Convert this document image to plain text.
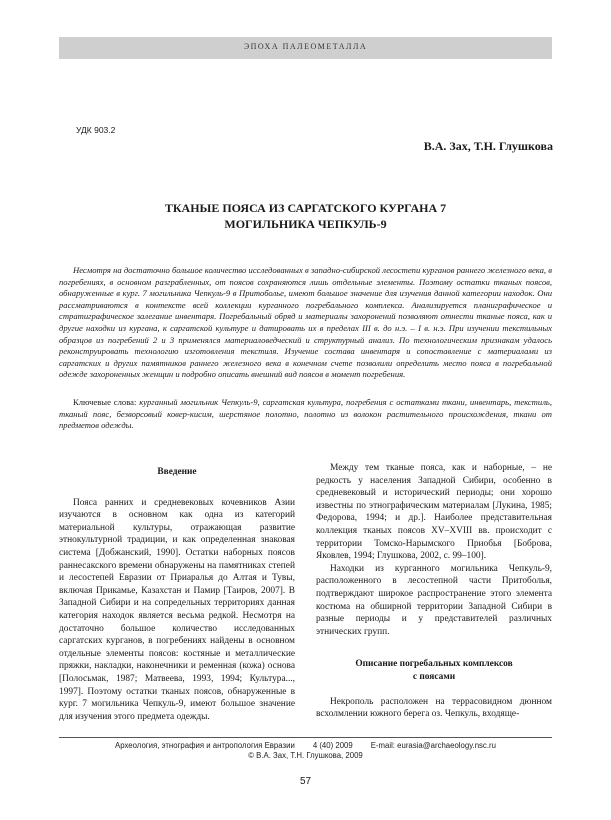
ЭПОХА ПАЛЕОМЕТАЛЛА
УДК 903.2
В.А. Зах, Т.Н. Глушкова
ТКАНЫЕ ПОЯСА ИЗ САРГАТСКОГО КУРГАНА 7
МОГИЛЬНИКА ЧЕПКУЛЬ-9
Несмотря на достаточно большое количество исследованных в западно-сибирской лесостепи курганов раннего железного века, в погребениях, в основном разграбленных, от поясов сохраняются лишь отдельные элементы. Поэтому остатки тканых поясов, обнаруженные в кург. 7 могильника Чепкуль-9 в Притоболье, имеют большое значение для изучения данной категории находок. Они рассматриваются в контексте всей коллекции курганного погребального комплекса. Анализируется планиграфическое и стратиграфическое залегание инвентаря. Погребальный обряд и материалы захоронений позволяют отнести тканые пояса, как и другие находки из кургана, к саргатской культуре и датировать их в пределах III в. до н.э. – I в. н.э. При изучении текстильных образцов из погребений 2 и 3 применялся материаловедческий и структурный анализ. По технологическим признакам удалось реконструировать технологию изготовления текстиля. Изучение состава инвентаря и сопоставление с материалами из саргатских и других памятников раннего железного века в конечном счете позволили определить место пояса в погребальной одежде захороненных женщин и подробно описать внешний вид поясов в момент погребения.
Ключевые слова: курганный могильник Чепкуль-9, саргатская культура, погребения с остатками ткани, инвентарь, текстиль, тканый пояс, безворсовый ковер-кисим, шерстяное полотно, полотно из волокон растительного происхождения, ткани от предметов одежды.
Введение

Пояса ранних и средневековых кочевников Азии изучаются в основном как одна из категорий материальной культуры, отражающая развитие этнокультурной традиции, и как определенная знаковая система [Добжанский, 1990]. Остатки наборных поясов раннесакского времени обнаружены на памятниках степей и лесостепей Евразии от Приаралья до Алтая и Тувы, включая Прикамье, Казахстан и Памир [Таиров, 2007]. В Западной Сибири и на сопредельных территориях данная категория находок является весьма редкой. Несмотря на достаточно большое количество исследованных саргатских курганов, в погребениях найдены в основном отдельные элементы поясов: костяные и металлические пряжки, накладки, наконечники и ременная (кожа) основа [Полосьмак, 1987; Матвеева, 1993, 1994; Культура..., 1997]. Поэтому остатки тканых поясов, обнаруженные в кург. 7 могильника Чепкуль-9, имеют большое значение для изучения этого предмета одежды.

Между тем тканые пояса, как и наборные, – не редкость у населения Западной Сибири, особенно в средневековый и исторический периоды; они хорошо известны по этнографическим материалам [Лукина, 1985; Федорова, 1994; и др.]. Наиболее представительная коллекция тканых поясов XV–XVIII вв. происходит с территории Томско-Нарымского Приобья [Боброва, Яковлев, 1994; Глушкова, 2002, с. 99–100].

Находки из курганного могильника Чепкуль-9, расположенного в лесостепной части Притоболья, подтверждают широкое распространение этого элемента костюма на обширной территории Западной Сибири в разные периоды и у представителей различных этнических групп.

Описание погребальных комплексов
с поясами

Некрополь расположен на террасовидном дюнном всхолмлении южного берега оз. Чепкуль, входяще-

Археология, этнография и антропология Евразии 4 (40) 2009 E-mail: eurasia@archaeology.nsc.ru
© В.А. Зах, Т.Н. Глушкова, 2009
57
